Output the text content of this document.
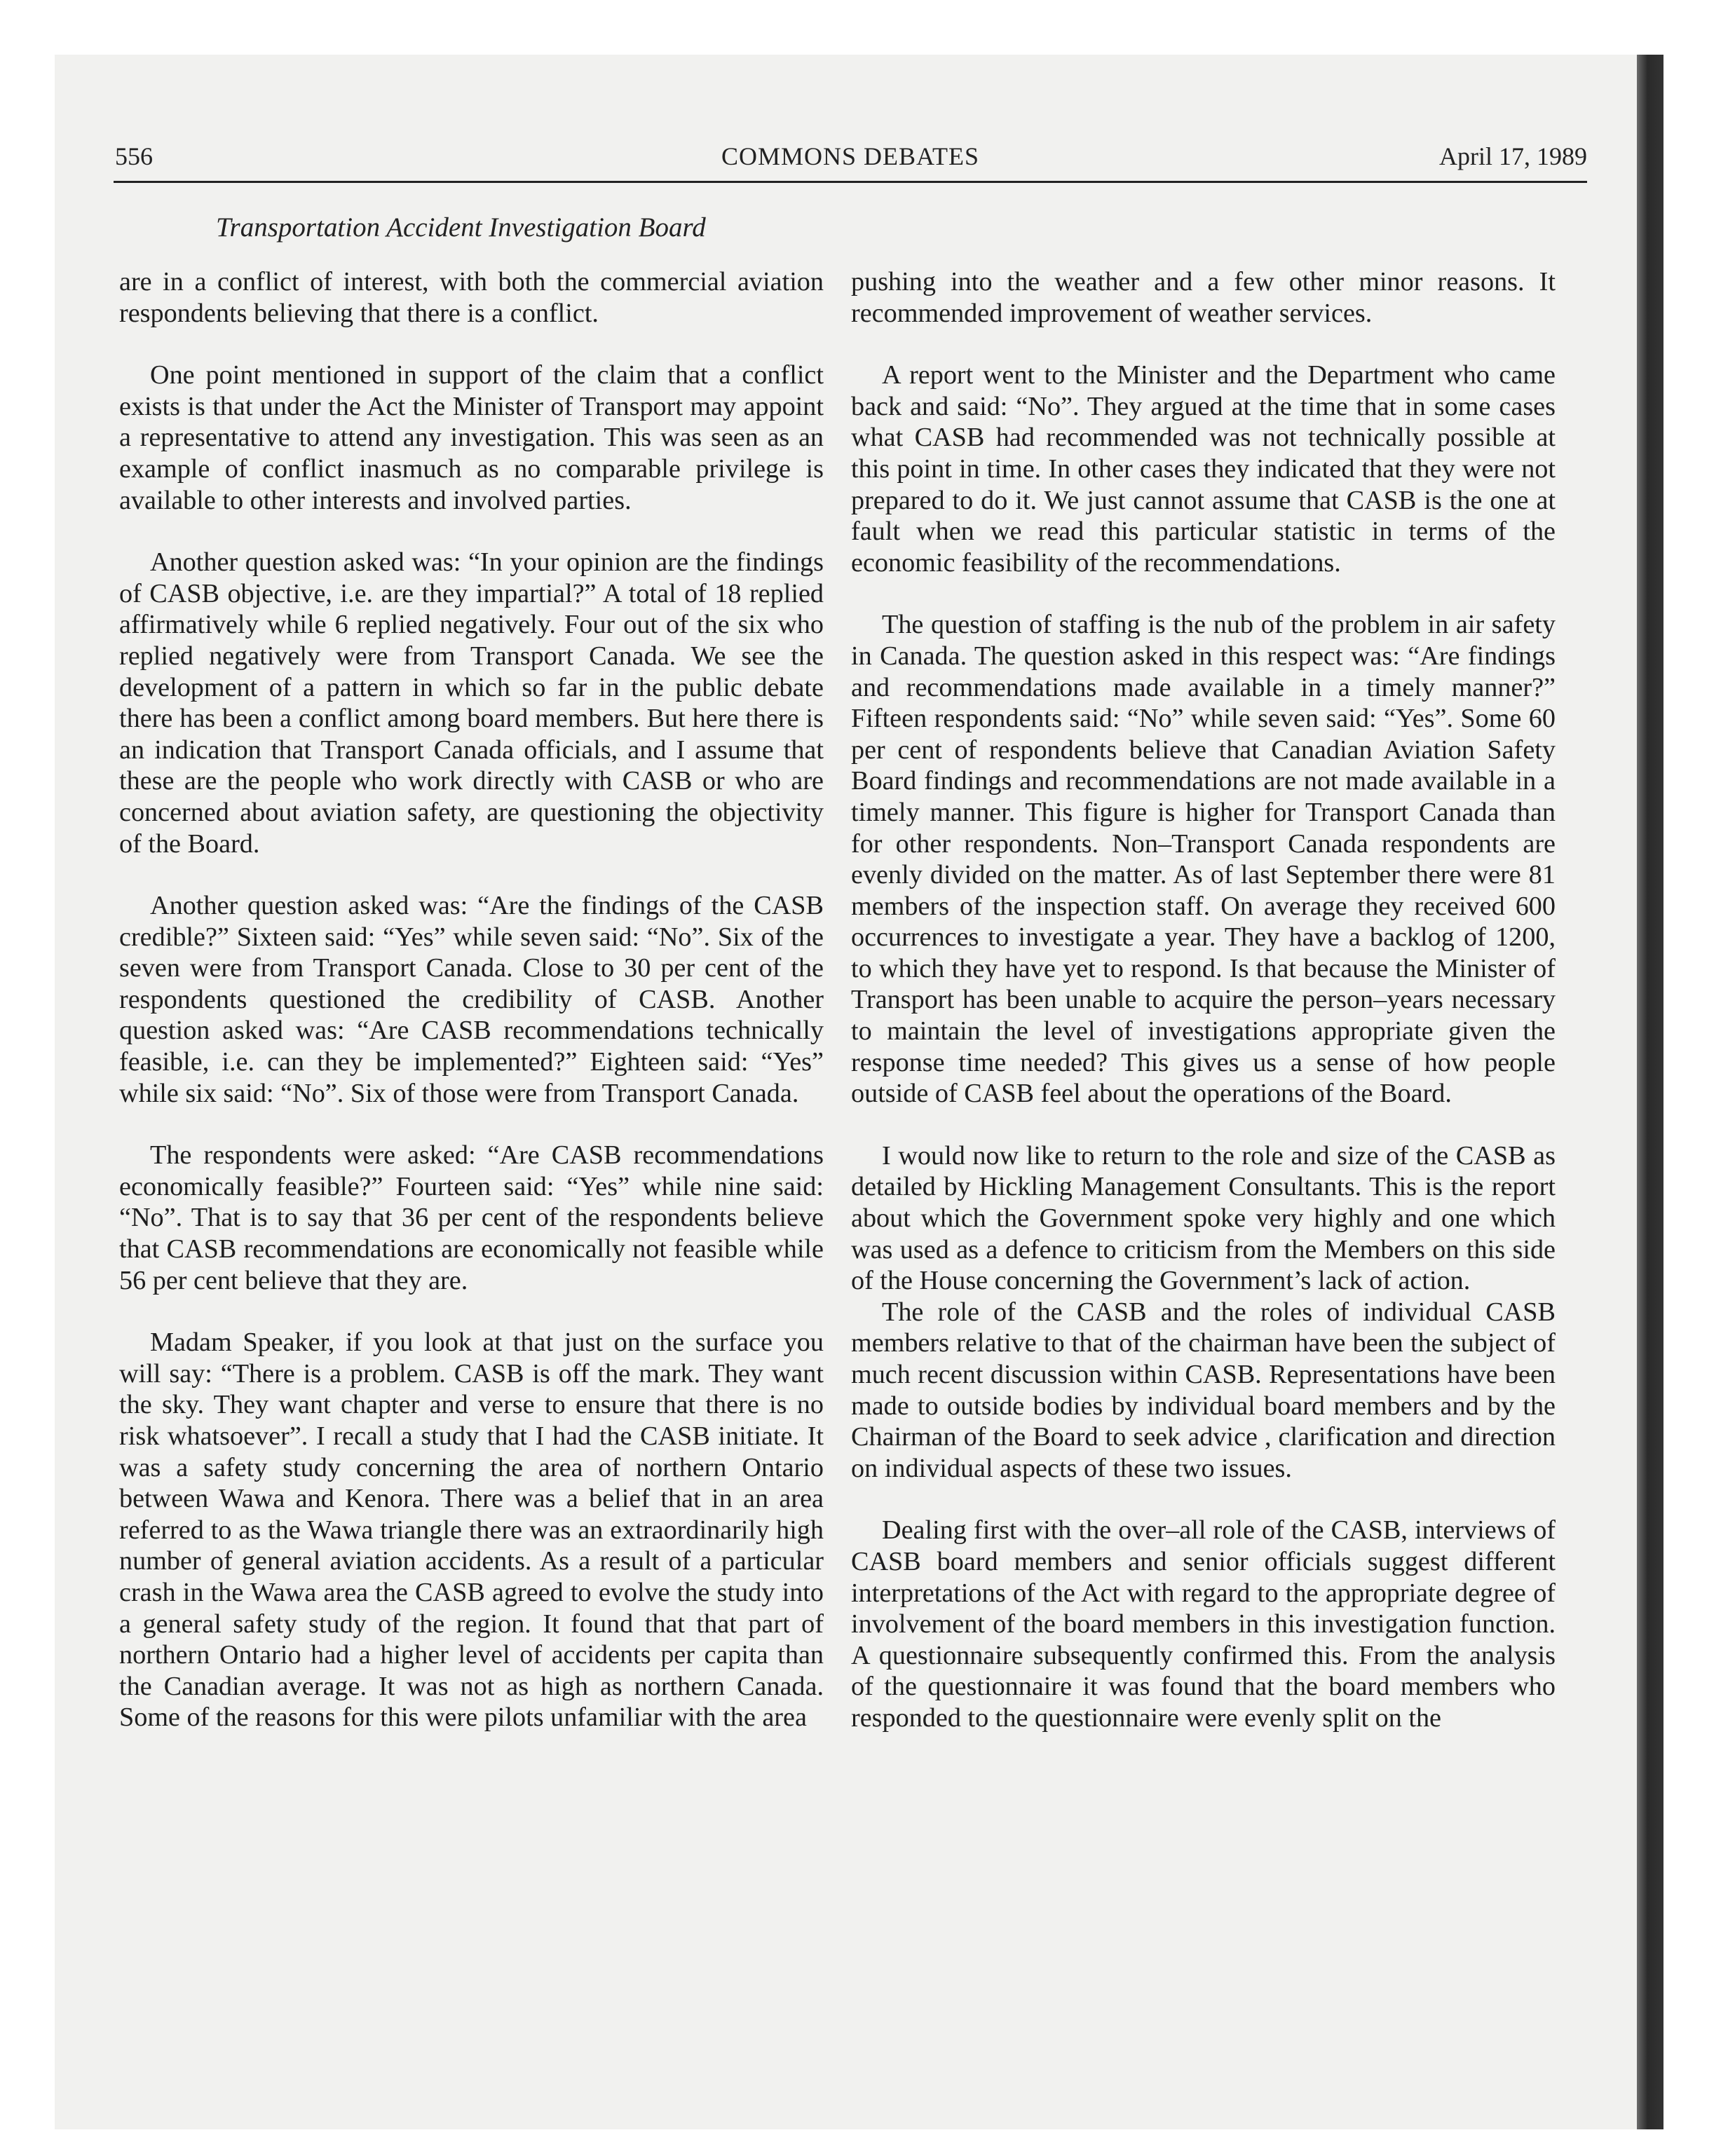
556	COMMONS DEBATES	April 17, 1989
Transportation Accident Investigation Board

are in a conflict of interest, with both the commercial aviation respondents believing that there is a conflict.

One point mentioned in support of the claim that a conflict exists is that under the Act the Minister of Transport may appoint a representative to attend any investigation. This was seen as an example of conflict inasmuch as no comparable privilege is available to other interests and involved parties.

Another question asked was: “In your opinion are the findings of CASB objective, i.e. are they impartial?” A total of 18 replied affirmatively while 6 replied negatively. Four out of the six who replied negatively were from Transport Canada. We see the development of a pattern in which so far in the public debate there has been a conflict among board members. But here there is an indication that Transport Canada officials, and I assume that these are the people who work directly with CASB or who are concerned about aviation safety, are questioning the objectivity of the Board.

Another question asked was: “Are the findings of the CASB credible?” Sixteen said: “Yes” while seven said: “No”. Six of the seven were from Transport Canada. Close to 30 per cent of the respondents questioned the credibility of CASB. Another question asked was: “Are CASB recommendations technically feasible, i.e. can they be implemented?” Eighteen said: “Yes” while six said: “No”. Six of those were from Transport Canada.

The respondents were asked: “Are CASB recommendations economically feasible?” Fourteen said: “Yes” while nine said: “No”. That is to say that 36 per cent of the respondents believe that CASB recommendations are economically not feasible while 56 per cent believe that they are.

Madam Speaker, if you look at that just on the surface you will say: “There is a problem. CASB is off the mark. They want the sky. They want chapter and verse to ensure that there is no risk whatsoever”. I recall a study that I had the CASB initiate. It was a safety study concerning the area of northern Ontario between Wawa and Kenora. There was a belief that in an area referred to as the Wawa triangle there was an extraordinarily high number of general aviation accidents. As a result of a particular crash in the Wawa area the CASB agreed to evolve the study into a general safety study of the region. It found that that part of northern Ontario had a higher level of accidents per capita than the Canadian average. It was not as high as northern Canada. Some of the reasons for this were pilots unfamiliar with the area

pushing into the weather and a few other minor reasons. It recommended improvement of weather services.

A report went to the Minister and the Department who came back and said: “No”. They argued at the time that in some cases what CASB had recommended was not technically possible at this point in time. In other cases they indicated that they were not prepared to do it. We just cannot assume that CASB is the one at fault when we read this particular statistic in terms of the economic feasibility of the recommendations.

The question of staffing is the nub of the problem in air safety in Canada. The question asked in this respect was: “Are findings and recommendations made available in a timely manner?” Fifteen respondents said: “No” while seven said: “Yes”. Some 60 per cent of respondents believe that Canadian Aviation Safety Board findings and recommendations are not made available in a timely manner. This figure is higher for Transport Canada than for other respondents. Non–Transport Canada respondents are evenly divided on the matter. As of last September there were 81 members of the inspection staff. On average they received 600 occurrences to investigate a year. They have a backlog of 1200, to which they have yet to respond. Is that because the Minister of Transport has been unable to acquire the person–years necessary to maintain the level of investigations appropriate given the response time needed? This gives us a sense of how people outside of CASB feel about the operations of the Board.

I would now like to return to the role and size of the CASB as detailed by Hickling Management Consultants. This is the report about which the Government spoke very highly and one which was used as a defence to criticism from the Members on this side of the House concerning the Government’s lack of action.

The role of the CASB and the roles of individual CASB members relative to that of the chairman have been the subject of much recent discussion within CASB. Representations have been made to outside bodies by individual board members and by the Chairman of the Board to seek advice , clarification and direction on individual aspects of these two issues.

Dealing first with the over–all role of the CASB, interviews of CASB board members and senior officials suggest different interpretations of the Act with regard to the appropriate degree of involvement of the board members in this investigation function. A questionnaire subsequently confirmed this. From the analysis of the questionnaire it was found that the board members who responded to the questionnaire were evenly split on the
